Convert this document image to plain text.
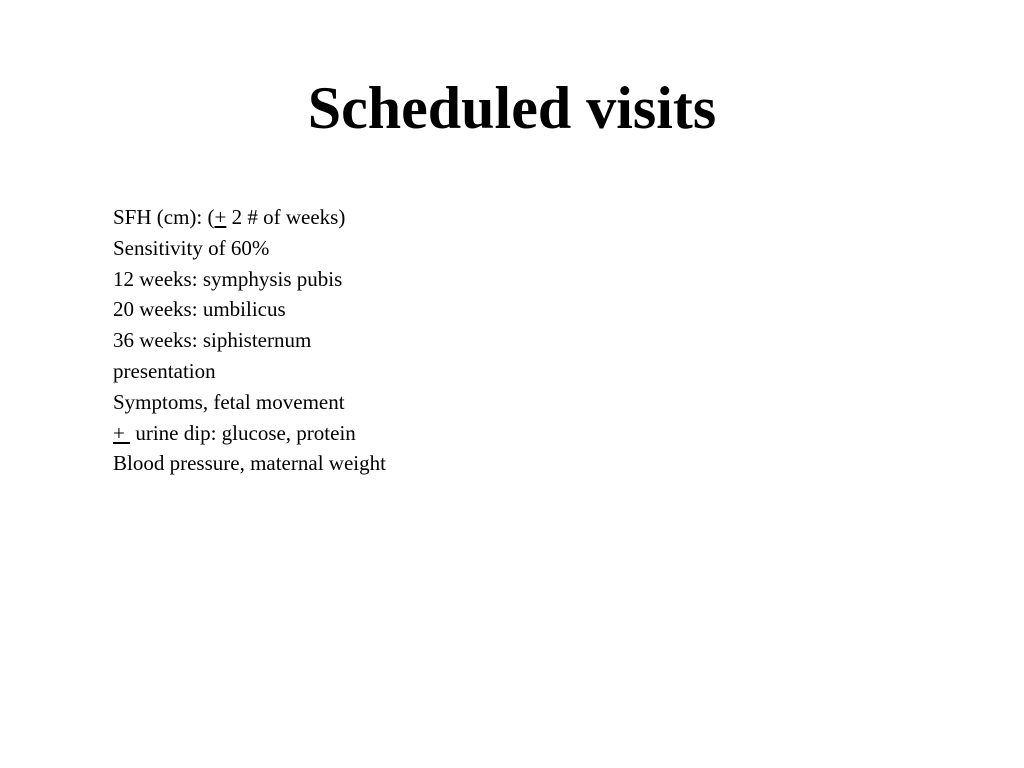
Scheduled visits
SFH (cm): (+ 2 # of weeks)
Sensitivity of 60%
12 weeks: symphysis pubis
20 weeks: umbilicus
36 weeks: siphisternum
presentation
Symptoms, fetal movement
+  urine dip: glucose, protein
Blood pressure, maternal weight
